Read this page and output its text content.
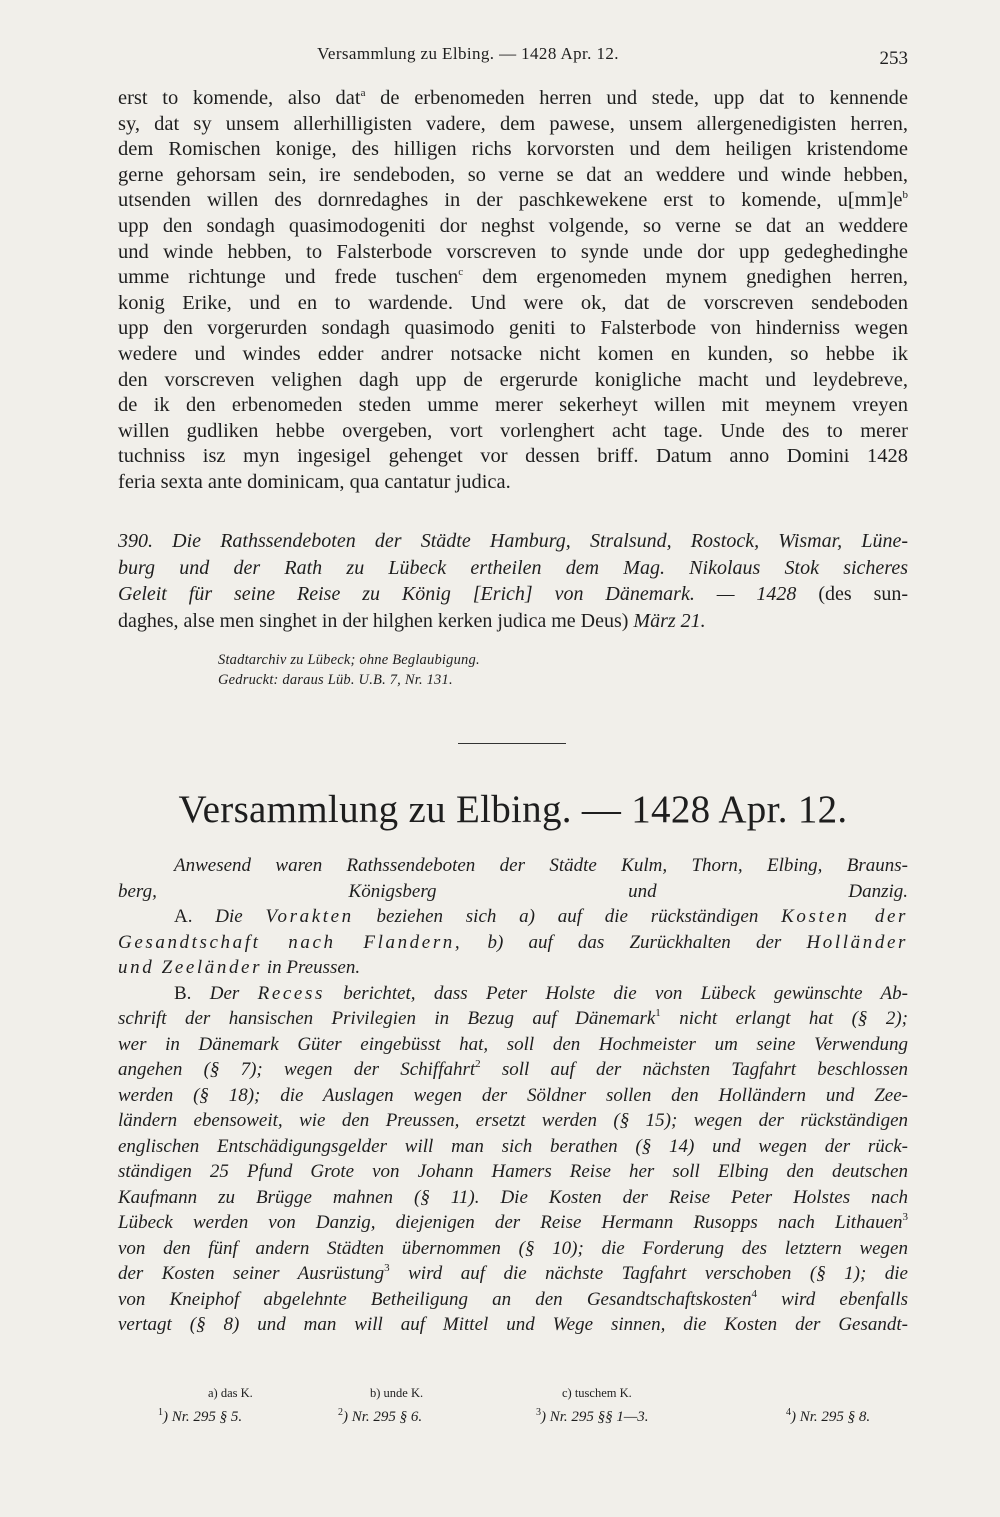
Versammlung zu Elbing. — 1428 Apr. 12.	253
erst to komende, also dat$^a$ de erbenomeden herren und stede, upp dat to kennende
sy, dat sy unsem allerhilligisten vadere, dem pawese, unsem allergenedigisten herren,
dem Romischen konige, des hilligen richs korvorsten und dem heiligen kristendome
gerne gehorsam sein, ire sendeboden, so verne se dat an weddere und winde hebben,
utsenden willen des dornredaghes in der paschkewekene erst to komende, $u[mm]e^b$
upp den sondagh quasimodogeniti dor neghst volgende, so verne se dat an weddere
und winde hebben, to Falsterbode vorscreven to synde unde dor upp gedeghedinghe
umme richtunge und frede tuschen$^c$ dem ergenomeden mynem gnedighen herren,
konig Erike, und en to wardende. Und were ok, dat de vorscreven sendeboden
upp den vorgerurden sondagh quasimodo geniti to Falsterbode von hinderniss wegen
wedere und windes edder andrer notsacke nicht komen en kunden, so hebbe ik
den vorscreven velighen dagh upp de ergerurde konigliche macht und leydebreve,
de ik den erbenomeden steden umme merer sekerheyt willen mit meynem vreyen
willen gudliken hebbe overgeben, vort vorlenghert acht tage. Unde des to merer
tuchniss isz myn ingesigel gehenget vor dessen briff. Datum anno Domini 1428
feria sexta ante dominicam, qua cantatur judica.
390. Die Rathssendeboten der Städte Hamburg, Stralsund, Rostock, Wismar, Lüne-
burg und der Rath zu Lübeck ertheilen dem Mag. Nikolaus Stok sicheres
Geleit für seine Reise zu König [Erich] von Dänemark. — 1428 (des sun-
daghes, alse men singhet in der hilghen kerken judica me Deus) März 21.
Stadtarchiv zu Lübeck; ohne Beglaubigung.
Gedruckt: daraus Lüb. U.B. 7, Nr. 131.
Versammlung zu Elbing. — 1428 Apr. 12.
Anwesend waren Rathssendeboten der Städte Kulm, Thorn, Elbing, Brauns-
berg, Königsberg und Danzig.
A. Die Vorakten beziehen sich a) auf die rückständigen Kosten der
Gesandtschaft nach Flandern, b) auf das Zurückhalten der Holländer
und Zeeländer in Preussen.
B. Der Recess berichtet, dass Peter Holste die von Lübeck gewünschte Ab-
schrift der hansischen Privilegien in Bezug auf Dänemark$^1$ nicht erlangt hat (§ 2);
wer in Dänemark Güter eingebüsst hat, soll den Hochmeister um seine Verwendung
angehen (§ 7); wegen der Schiffahrt$^2$ soll auf der nächsten Tagfahrt beschlossen
werden (§ 18); die Auslagen wegen der Söldner sollen den Holländern und Zee-
ländern ebensoweit, wie den Preussen, ersetzt werden (§ 15); wegen der rückständigen
englischen Entschädigungsgelder will man sich berathen (§ 14) und wegen der rück-
ständigen 25 Pfund Grote von Johann Hamers Reise her soll Elbing den deutschen
Kaufmann zu Brügge mahnen (§ 11). Die Kosten der Reise Peter Holstes nach
Lübeck werden von Danzig, diejenigen der Reise Hermann Rusopps nach Lithauen$^3$
von den fünf andern Städten übernommen (§ 10); die Forderung des letztern wegen
der Kosten seiner Ausrüstung$^3$ wird auf die nächste Tagfahrt verschoben (§ 1); die
von Kneiphof abgelehnte Betheiligung an den Gesandtschaftskosten$^4$ wird ebenfalls
vertagt (§ 8) und man will auf Mittel und Wege sinnen, die Kosten der Gesandt-
a) das K.	b) unde K.	c) tuschem K.
$^1$ ) Nr. 295 § 5.	$^2$ ) Nr. 295 § 6.	$^3$ ) Nr. 295 §§ 1—3.	$^4$ ) Nr. 295 § 8.
